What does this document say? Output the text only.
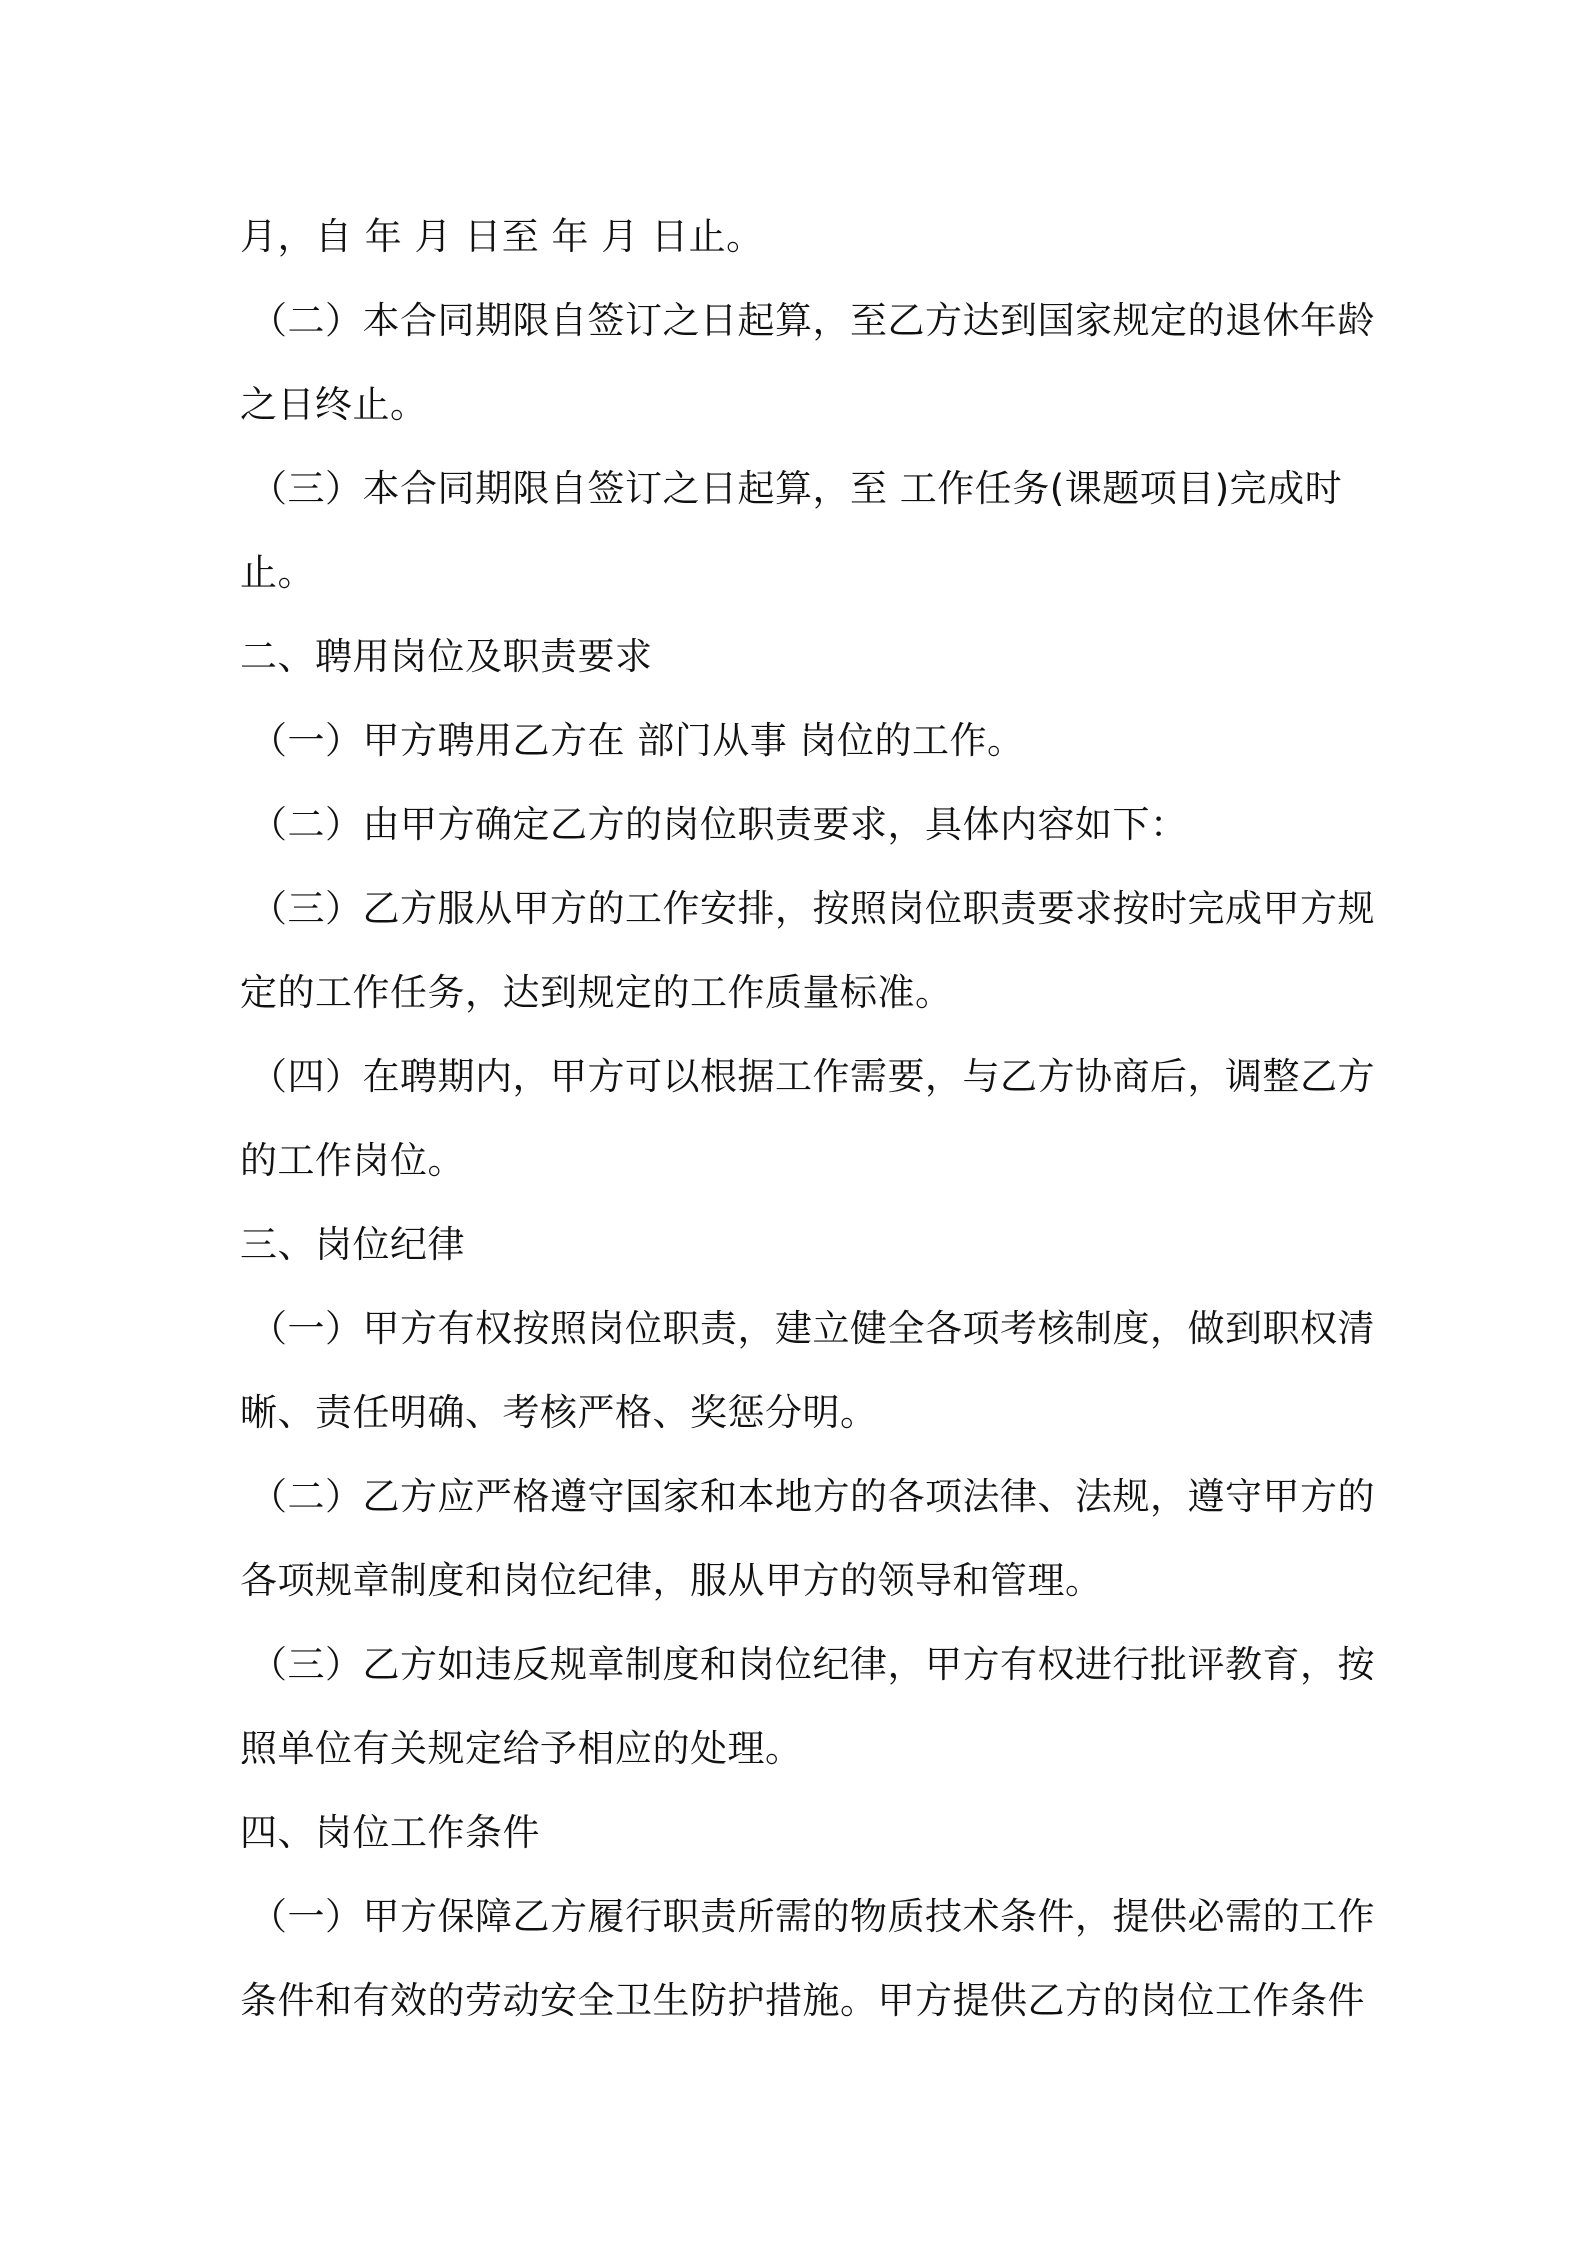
月，自 年 月 日至 年 月 日止。
（二）本合同期限自签订之日起算，至乙方达到国家规定的退休年龄
之日终止。
（三）本合同期限自签订之日起算，至 工作任务(课题项目)完成时
止。
二、聘用岗位及职责要求
（一）甲方聘用乙方在 部门从事 岗位的工作。
（二）由甲方确定乙方的岗位职责要求，具体内容如下：
（三）乙方服从甲方的工作安排，按照岗位职责要求按时完成甲方规
定的工作任务，达到规定的工作质量标准。
（四）在聘期内，甲方可以根据工作需要，与乙方协商后，调整乙方
的工作岗位。
三、岗位纪律
（一）甲方有权按照岗位职责，建立健全各项考核制度，做到职权清
晰、责任明确、考核严格、奖惩分明。
（二）乙方应严格遵守国家和本地方的各项法律、法规，遵守甲方的
各项规章制度和岗位纪律，服从甲方的领导和管理。
（三）乙方如违反规章制度和岗位纪律，甲方有权进行批评教育，按
照单位有关规定给予相应的处理。
四、岗位工作条件
（一）甲方保障乙方履行职责所需的物质技术条件，提供必需的工作
条件和有效的劳动安全卫生防护措施。甲方提供乙方的岗位工作条件
